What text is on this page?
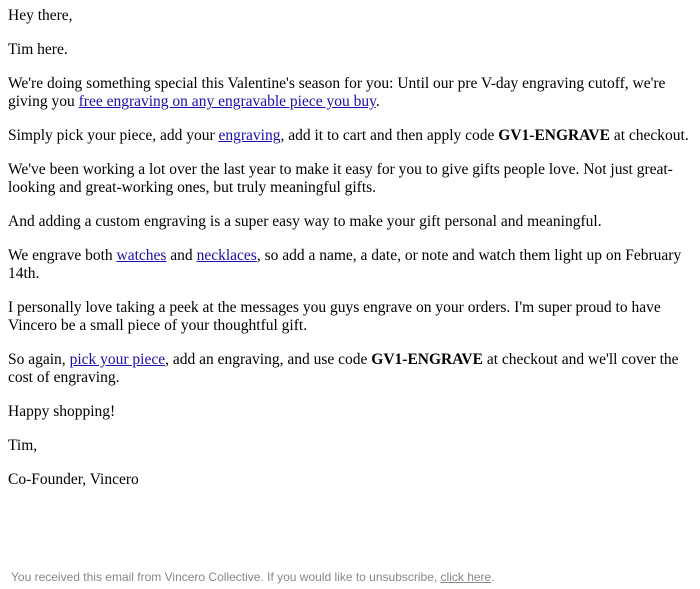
Hey there,

Tim here.

We're doing something special this Valentine's season for you: Until our pre V-day engraving cutoff, we're giving you free engraving on any engravable piece you buy.

Simply pick your piece, add your engraving, add it to cart and then apply code GV1-ENGRAVE at checkout.

We've been working a lot over the last year to make it easy for you to give gifts people love. Not just great-looking and great-working ones, but truly meaningful gifts.

And adding a custom engraving is a super easy way to make your gift personal and meaningful.

We engrave both watches and necklaces, so add a name, a date, or note and watch them light up on February 14th.

I personally love taking a peek at the messages you guys engrave on your orders. I'm super proud to have Vincero be a small piece of your thoughtful gift.

So again, pick your piece, add an engraving, and use code GV1-ENGRAVE at checkout and we'll cover the cost of engraving.

Happy shopping!

Tim,

Co-Founder, Vincero

You received this email from Vincero Collective. If you would like to unsubscribe, click here.
